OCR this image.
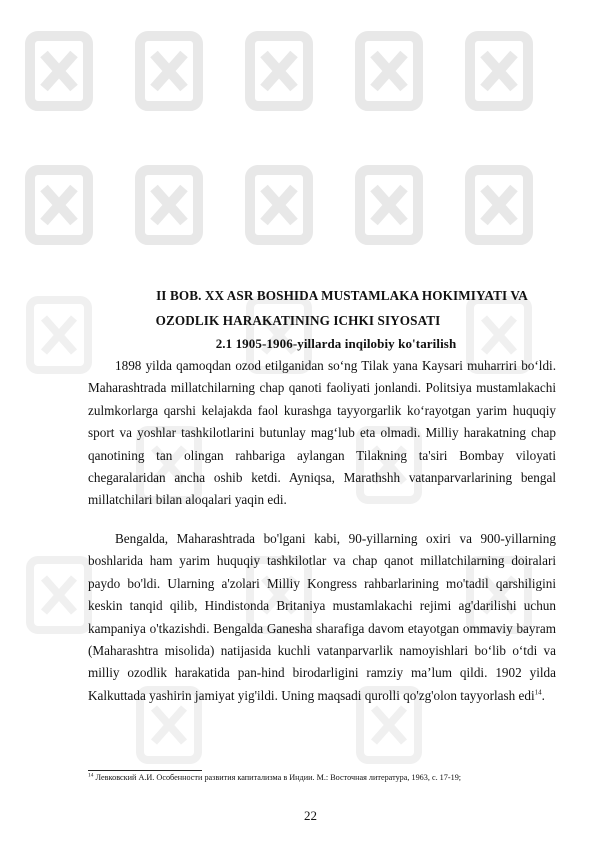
II BOB. XX ASR BOSHIDA MUSTAMLAKA HOKIMIYATI VA
OZODLIK HARAKATINING ICHKI SIYOSATI
2.1 1905-1906-yillarda inqilobiy ko'tarilish

1898 yilda qamoqdan ozod etilganidan so‘ng Tilak yana Kaysari muharriri bo‘ldi. Maharashtrada millatchilarning chap qanoti faoliyati jonlandi. Politsiya mustamlakachi zulmkorlarga qarshi kelajakda faol kurashga tayyorgarlik ko‘rayotgan yarim huquqiy sport va yoshlar tashkilotlarini butunlay mag‘lub eta olmadi. Milliy harakatning chap qanotining tan olingan rahbariga aylangan Tilakning ta'siri Bombay viloyati chegaralaridan ancha oshib ketdi. Ayniqsa, Marathshh vatanparvarlarining bengal millatchilari bilan aloqalari yaqin edi.

Bengalda, Maharashtrada bo'lgani kabi, 90-yillarning oxiri va 900-yillarning boshlarida ham yarim huquqiy tashkilotlar va chap qanot millatchilarning doiralari paydo bo'ldi. Ularning a'zolari Milliy Kongress rahbarlarining mo'tadil qarshiligini keskin tanqid qilib, Hindistonda Britaniya mustamlakachi rejimi ag'darilishi uchun kampaniya o'tkazishdi. Bengalda Ganesha sharafiga davom etayotgan ommaviy bayram (Maharashtra misolida) natijasida kuchli vatanparvarlik namoyishlari bo‘lib o‘tdi va milliy ozodlik harakatida pan-hind birodarligini ramziy ma’lum qildi. 1902 yilda Kalkuttada yashirin jamiyat yig'ildi. Uning maqsadi qurolli qo'zg'olon tayyorlash edi$^{14}$.

$^{14}$ Левковский А.И. Особенности развития капитализма в Индии. М.: Восточная литература, 1963, с. 17-19;
22
